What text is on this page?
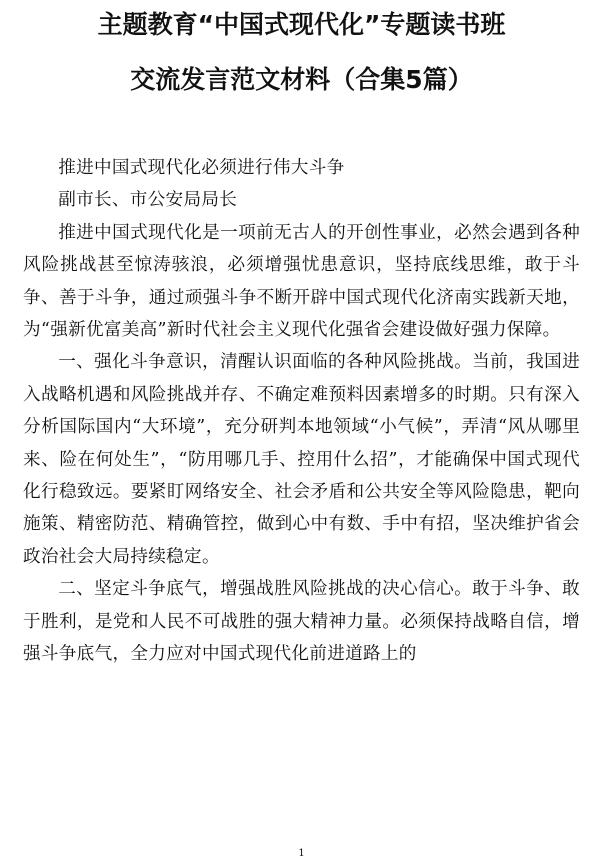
主题教育“中国式现代化”专题读书班
交流发言范文材料（合集5篇）

推进中国式现代化必须进行伟大斗争

副市长、市公安局局长

推进中国式现代化是一项前无古人的开创性事业，必然会遇到各种风险挑战甚至惊涛骇浪，必须增强忧患意识，坚持底线思维，敢于斗争、善于斗争，通过顽强斗争不断开辟中国式现代化济南实践新天地，为“强新优富美高”新时代社会主义现代化强省会建设做好强力保障。

一、强化斗争意识，清醒认识面临的各种风险挑战。当前，我国进入战略机遇和风险挑战并存、不确定难预料因素增多的时期。只有深入分析国际国内“大环境”，充分研判本地领域“小气候”，弄清“风从哪里来、险在何处生”，“防用哪几手、控用什么招”，才能确保中国式现代化行稳致远。要紧盯网络安全、社会矛盾和公共安全等风险隐患，靶向施策、精密防范、精确管控，做到心中有数、手中有招，坚决维护省会政治社会大局持续稳定。

二、坚定斗争底气，增强战胜风险挑战的决心信心。敢于斗争、敢于胜利，是党和人民不可战胜的强大精神力量。必须保持战略自信，增强斗争底气，全力应对中国式现代化前进道路上的

1
